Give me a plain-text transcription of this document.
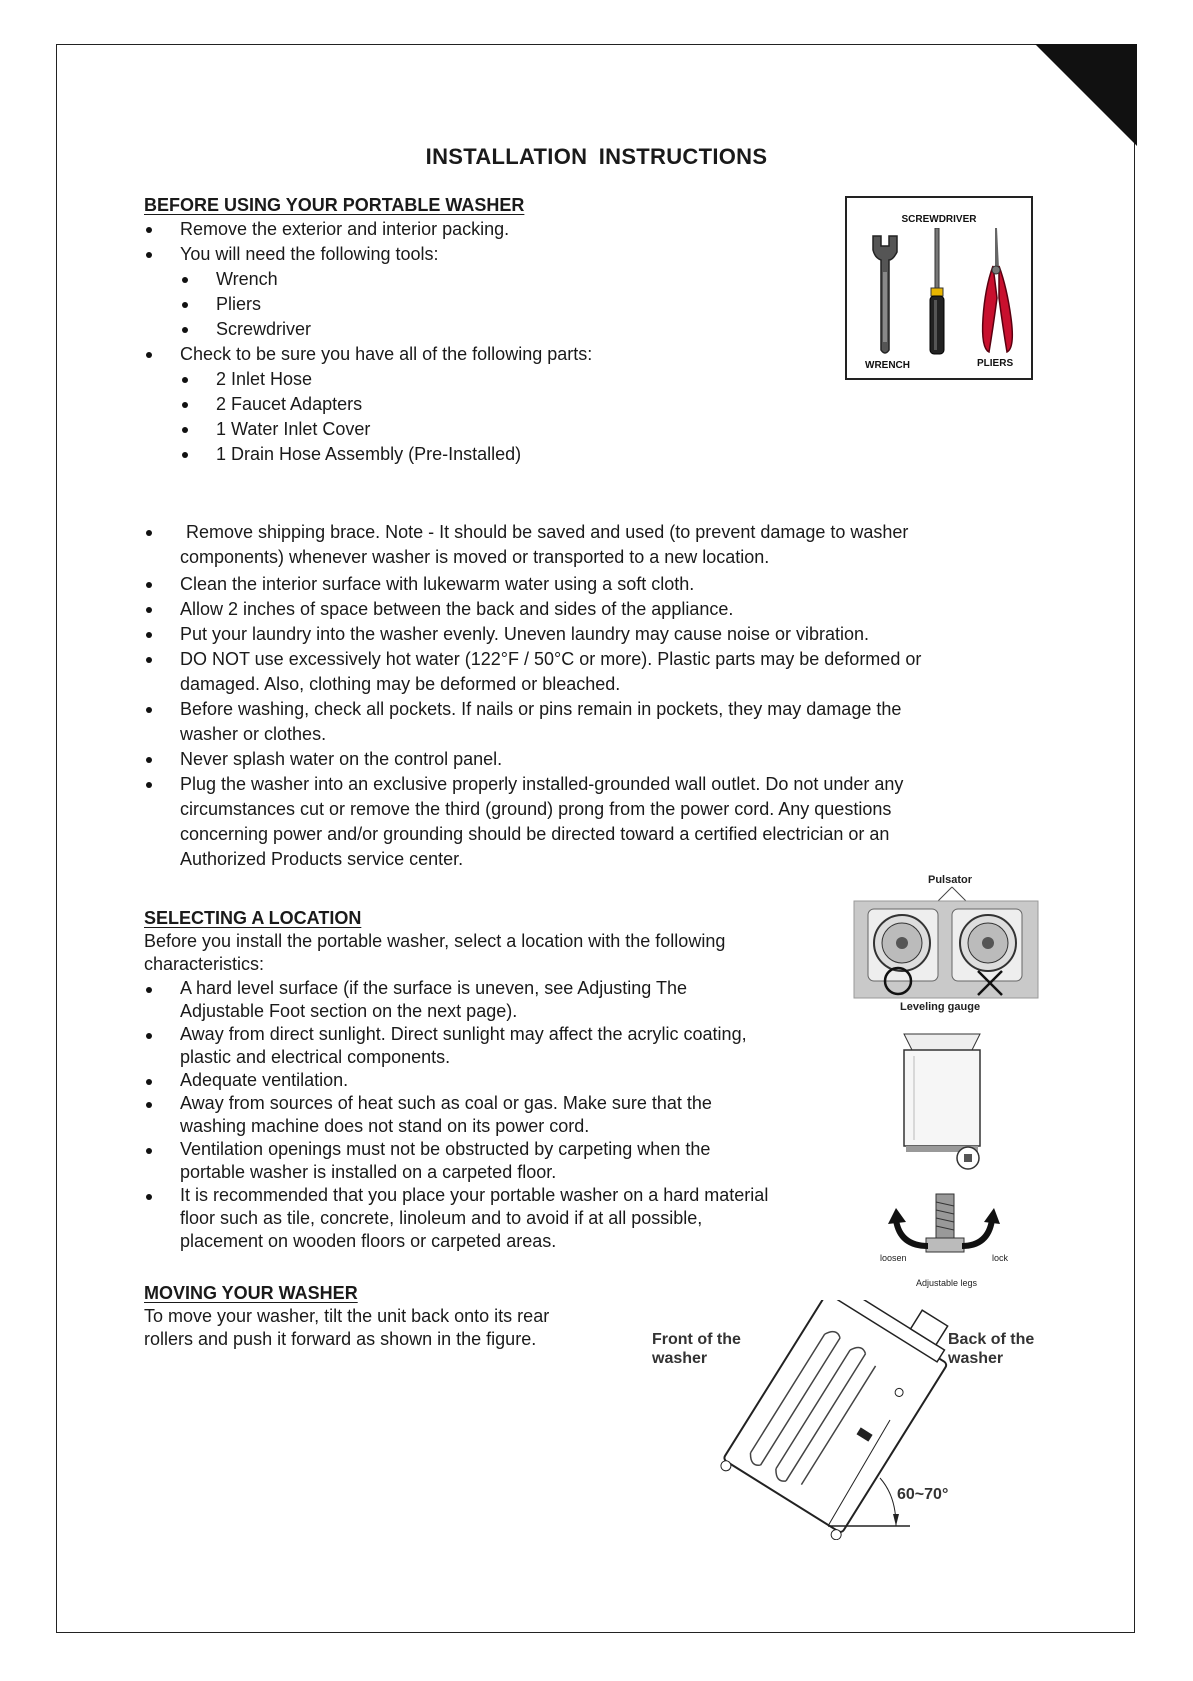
INSTALLATION INSTRUCTIONS
BEFORE USING YOUR PORTABLE WASHER
Remove the exterior and interior packing.
You will need the following tools:
Wrench
Pliers
Screwdriver
Check to be sure you have all of the following parts:
2 Inlet Hose
2 Faucet Adapters
1 Water Inlet Cover
1 Drain Hose Assembly (Pre-Installed)
SCREWDRIVER
WRENCH	PLIERS
Remove shipping brace. Note - It should be saved and used (to prevent damage to washer
components) whenever washer is moved or transported to a new location.
Clean the interior surface with lukewarm water using a soft cloth.
Allow 2 inches of space between the back and sides of the appliance.
Put your laundry into the washer evenly. Uneven laundry may cause noise or vibration.
DO NOT use excessively hot water (122°F / 50°C or more). Plastic parts may be deformed or
damaged. Also, clothing may be deformed or bleached.
Before washing, check all pockets. If nails or pins remain in pockets, they may damage the
washer or clothes.
Never splash water on the control panel.
Plug the washer into an exclusive properly installed-grounded wall outlet. Do not under any
circumstances cut or remove the third (ground) prong from the power cord. Any questions
concerning power and/or grounding should be directed toward a certified electrician or an
Authorized Products service center.
SELECTING A LOCATION
Before you install the portable washer, select a location with the following
characteristics:
A hard level surface (if the surface is uneven, see Adjusting The
Adjustable Foot section on the next page).
Away from direct sunlight. Direct sunlight may affect the acrylic coating,
plastic and electrical components.
Adequate ventilation.
Away from sources of heat such as coal or gas. Make sure that the
washing machine does not stand on its power cord.
Ventilation openings must not be obstructed by carpeting when the
portable washer is installed on a carpeted floor.
It is recommended that you place your portable washer on a hard material
floor such as tile, concrete, linoleum and to avoid if at all possible,
placement on wooden floors or carpeted areas.
Pulsator
Leveling gauge
loosen	lock
Adjustable legs
MOVING YOUR WASHER
To move your washer, tilt the unit back onto its rear
rollers and push it forward as shown in the figure.	Front of the
washer
Back of the
washer
60~70°
